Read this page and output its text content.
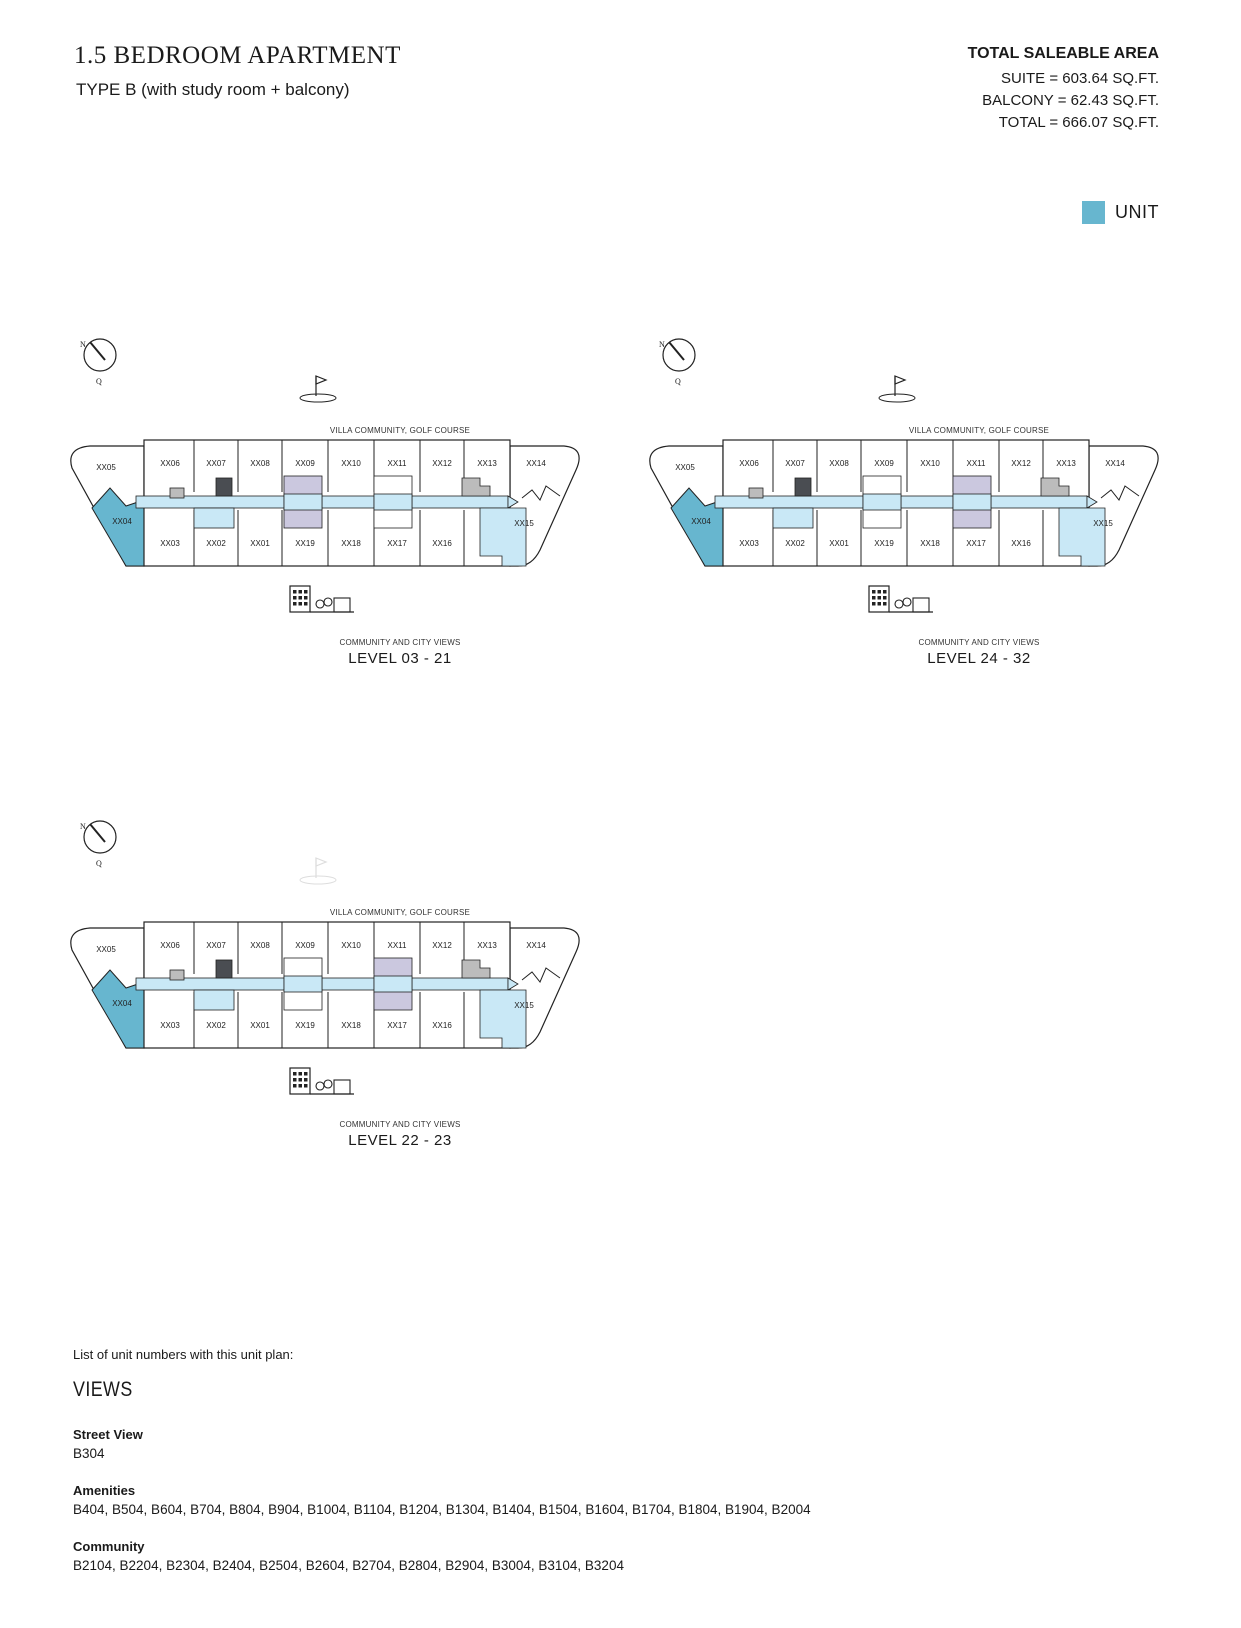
1.5 BEDROOM APARTMENT
TYPE B (with study room + balcony)
TOTAL SALEABLE AREA
SUITE = 603.64 SQ.FT.
BALCONY = 62.43 SQ.FT.
TOTAL = 666.07 SQ.FT.
UNIT
XX06	XX07	XX08	XX09	XX10	XX11	XX12	XX13
XX03	XX02	XX01	XX19	XX18	XX17	XX16
XX05
XX04
XX14
XX15
VILLA COMMUNITY, GOLF COURSE
COMMUNITY AND CITY VIEWS
LEVEL 03 - 21
N
Q
XX06	XX07	XX08	XX09	XX10	XX11	XX12	XX13
XX03	XX02	XX01	XX19	XX18	XX17	XX16
XX05
XX04
XX14
XX15
VILLA COMMUNITY, GOLF COURSE
COMMUNITY AND CITY VIEWS
LEVEL 24 - 32
N
Q
XX06	XX07	XX08	XX09	XX10	XX11	XX12	XX13
XX03	XX02	XX01	XX19	XX18	XX17	XX16
XX05
XX04
XX14
XX15
VILLA COMMUNITY, GOLF COURSE
COMMUNITY AND CITY VIEWS
LEVEL 22 - 23
N
Q
List of unit numbers with this unit plan:
VIEWS
Street View
B304
Amenities
B404, B504, B604, B704, B804, B904, B1004, B1104, B1204, B1304, B1404, B1504, B1604, B1704, B1804, B1904, B2004
Community
B2104, B2204, B2304, B2404, B2504, B2604, B2704, B2804, B2904, B3004, B3104, B3204
